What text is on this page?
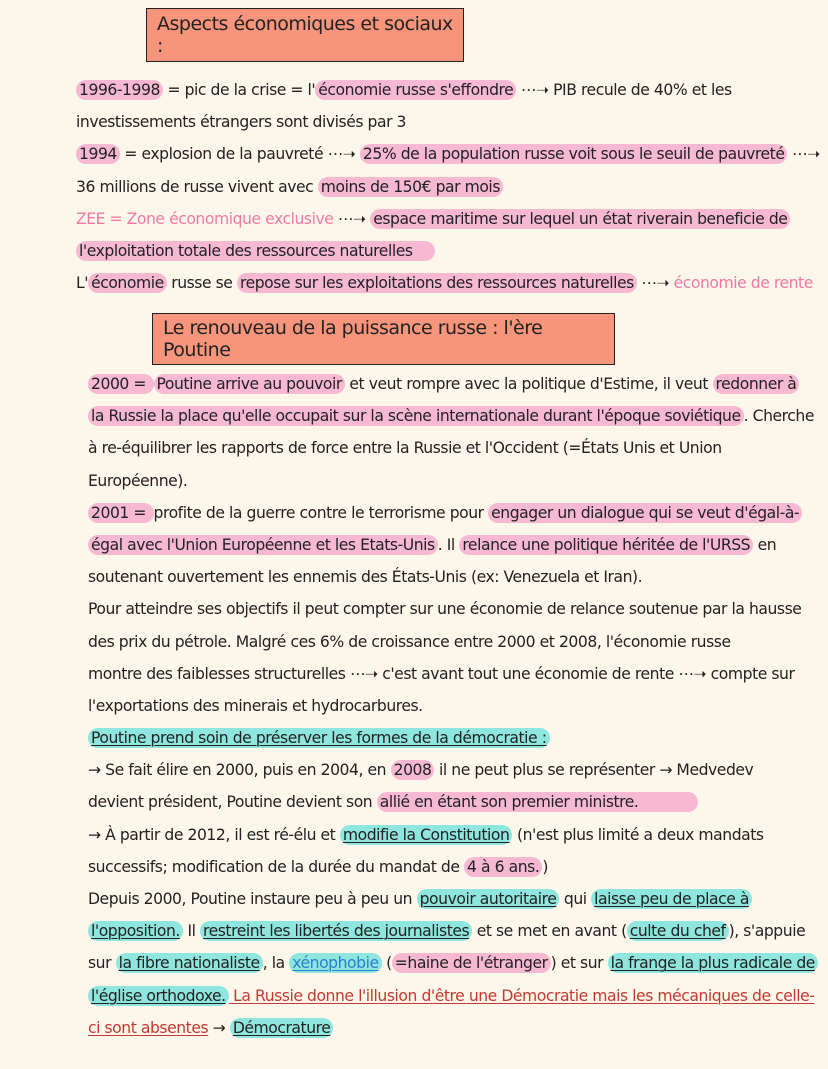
Aspects économiques et sociaux :
1996-1998 = pic de la crise = l' économie russe s'effondre ⋯➝ PIB recule de 40% et les
investissements étrangers sont divisés par 3
1994 = explosion de la pauvreté ⋯➝ 25% de la population russe voit sous le seuil de pauvreté ⋯➝
36 millions de russe vivent avec moins de 150€ par mois
ZEE = Zone économique exclusive ⋯➝ espace maritime sur lequel un état riverain beneficie de
l'exploitation totale des ressources naturelles
L' économie russe se repose sur les exploitations des ressources naturelles ⋯➝ économie de rente
Le renouveau de la puissance russe : l'ère Poutine
2000 = Poutine arrive au pouvoir et veut rompre avec la politique d'Estime, il veut redonner à
la Russie la place qu'elle occupait sur la scène internationale durant l'époque soviétique . Cherche
à re-équilibrer les rapports de force entre la Russie et l'Occident (=États Unis et Union
Européenne).
2001 = profite de la guerre contre le terrorisme pour engager un dialogue qui se veut d'égal-à-
égal avec l'Union Européenne et les Etats-Unis . Il relance une politique héritée de l'URSS en
soutenant ouvertement les ennemis des États-Unis (ex: Venezuela et Iran).
Pour atteindre ses objectifs il peut compter sur une économie de relance soutenue par la hausse
des prix du pétrole. Malgré ces 6% de croissance entre 2000 et 2008, l'économie russe
montre des faiblesses structurelles ⋯➝ c'est avant tout une économie de rente ⋯➝ compte sur
l'exportations des minerais et hydrocarbures.
Poutine prend soin de préserver les formes de la démocratie :
→ Se fait élire en 2000, puis en 2004, en 2008 il ne peut plus se représenter → Medvedev
devient président, Poutine devient son allié en étant son premier ministre.
→ À partir de 2012, il est ré-élu et modifie la Constitution (n'est plus limité a deux mandats
successifs; modification de la durée du mandat de 4 à 6 ans. )
Depuis 2000, Poutine instaure peu à peu un pouvoir autoritaire qui laisse peu de place à
l'opposition. Il restreint les libertés des journalistes et se met en avant ( culte du chef ), s'appuie
sur la fibre nationaliste , la xénophobie ( =haine de l'étranger ) et sur la frange la plus radicale de
l'église orthodoxe. La Russie donne l'illusion d'être une Démocratie mais les mécaniques de celle-
ci sont absentes → Démocrature
